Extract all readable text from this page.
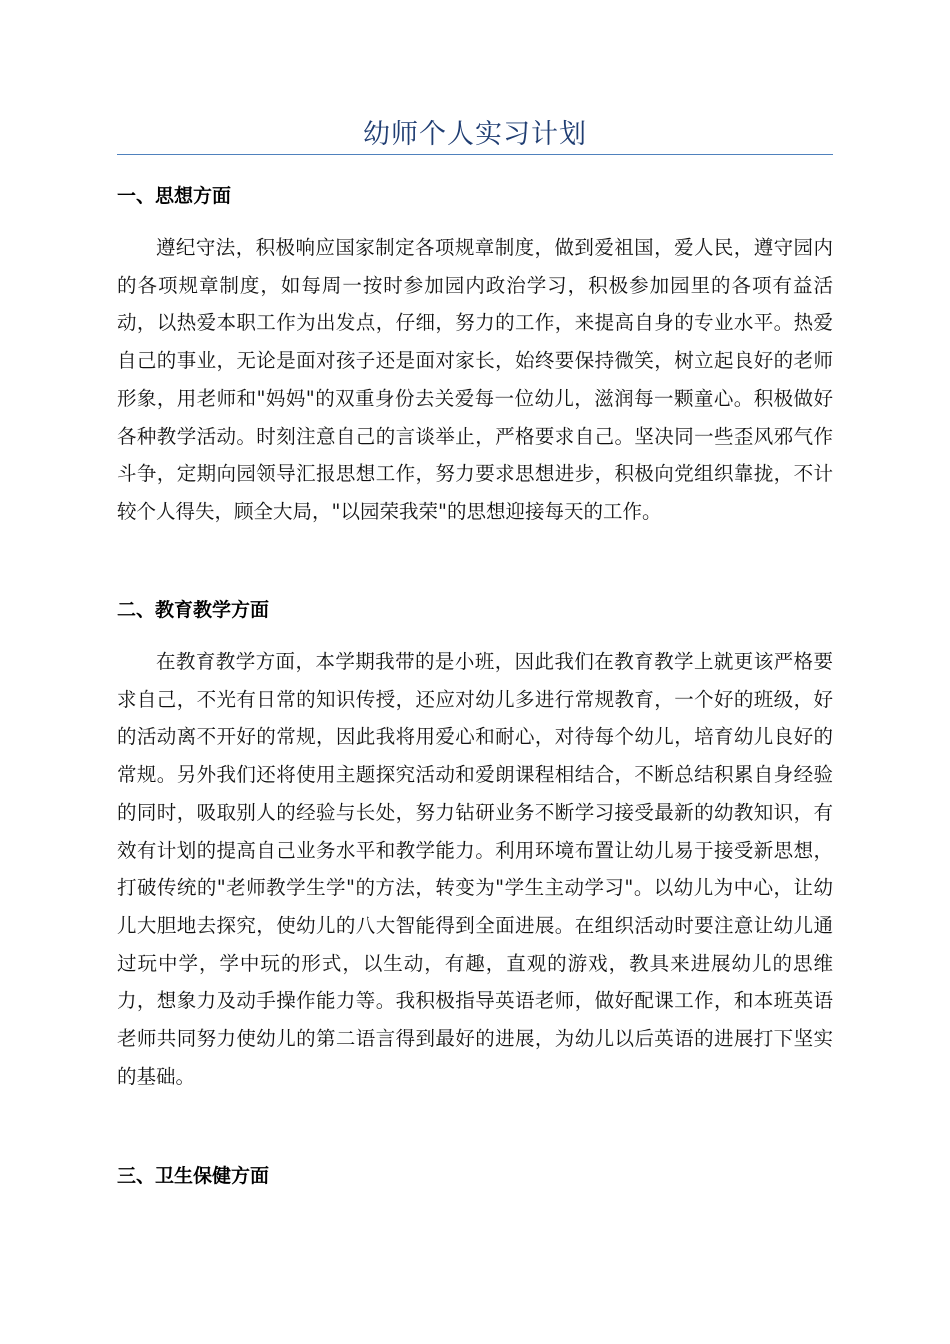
幼师个人实习计划
一、思想方面
遵纪守法，积极响应国家制定各项规章制度，做到爱祖国，爱人民，遵守园内的各项规章制度，如每周一按时参加园内政治学习，积极参加园里的各项有益活动，以热爱本职工作为出发点，仔细，努力的工作，来提高自身的专业水平。热爱自己的事业，无论是面对孩子还是面对家长，始终要保持微笑，树立起良好的老师形象，用老师和"妈妈"的双重身份去关爱每一位幼儿，滋润每一颗童心。积极做好各种教学活动。时刻注意自己的言谈举止，严格要求自己。坚决同一些歪风邪气作斗争，定期向园领导汇报思想工作，努力要求思想进步，积极向党组织靠拢，不计较个人得失，顾全大局，"以园荣我荣"的思想迎接每天的工作。
二、教育教学方面
在教育教学方面，本学期我带的是小班，因此我们在教育教学上就更该严格要求自己，不光有日常的知识传授，还应对幼儿多进行常规教育，一个好的班级，好的活动离不开好的常规，因此我将用爱心和耐心，对待每个幼儿，培育幼儿良好的常规。另外我们还将使用主题探究活动和爱朗课程相结合，不断总结积累自身经验的同时，吸取别人的经验与长处，努力钻研业务不断学习接受最新的幼教知识，有效有计划的提高自己业务水平和教学能力。利用环境布置让幼儿易于接受新思想，打破传统的"老师教学生学"的方法，转变为"学生主动学习"。以幼儿为中心，让幼儿大胆地去探究，使幼儿的八大智能得到全面进展。在组织活动时要注意让幼儿通过玩中学，学中玩的形式，以生动，有趣，直观的游戏，教具来进展幼儿的思维力，想象力及动手操作能力等。我积极指导英语老师，做好配课工作，和本班英语老师共同努力使幼儿的第二语言得到最好的进展，为幼儿以后英语的进展打下坚实的基础。
三、卫生保健方面
